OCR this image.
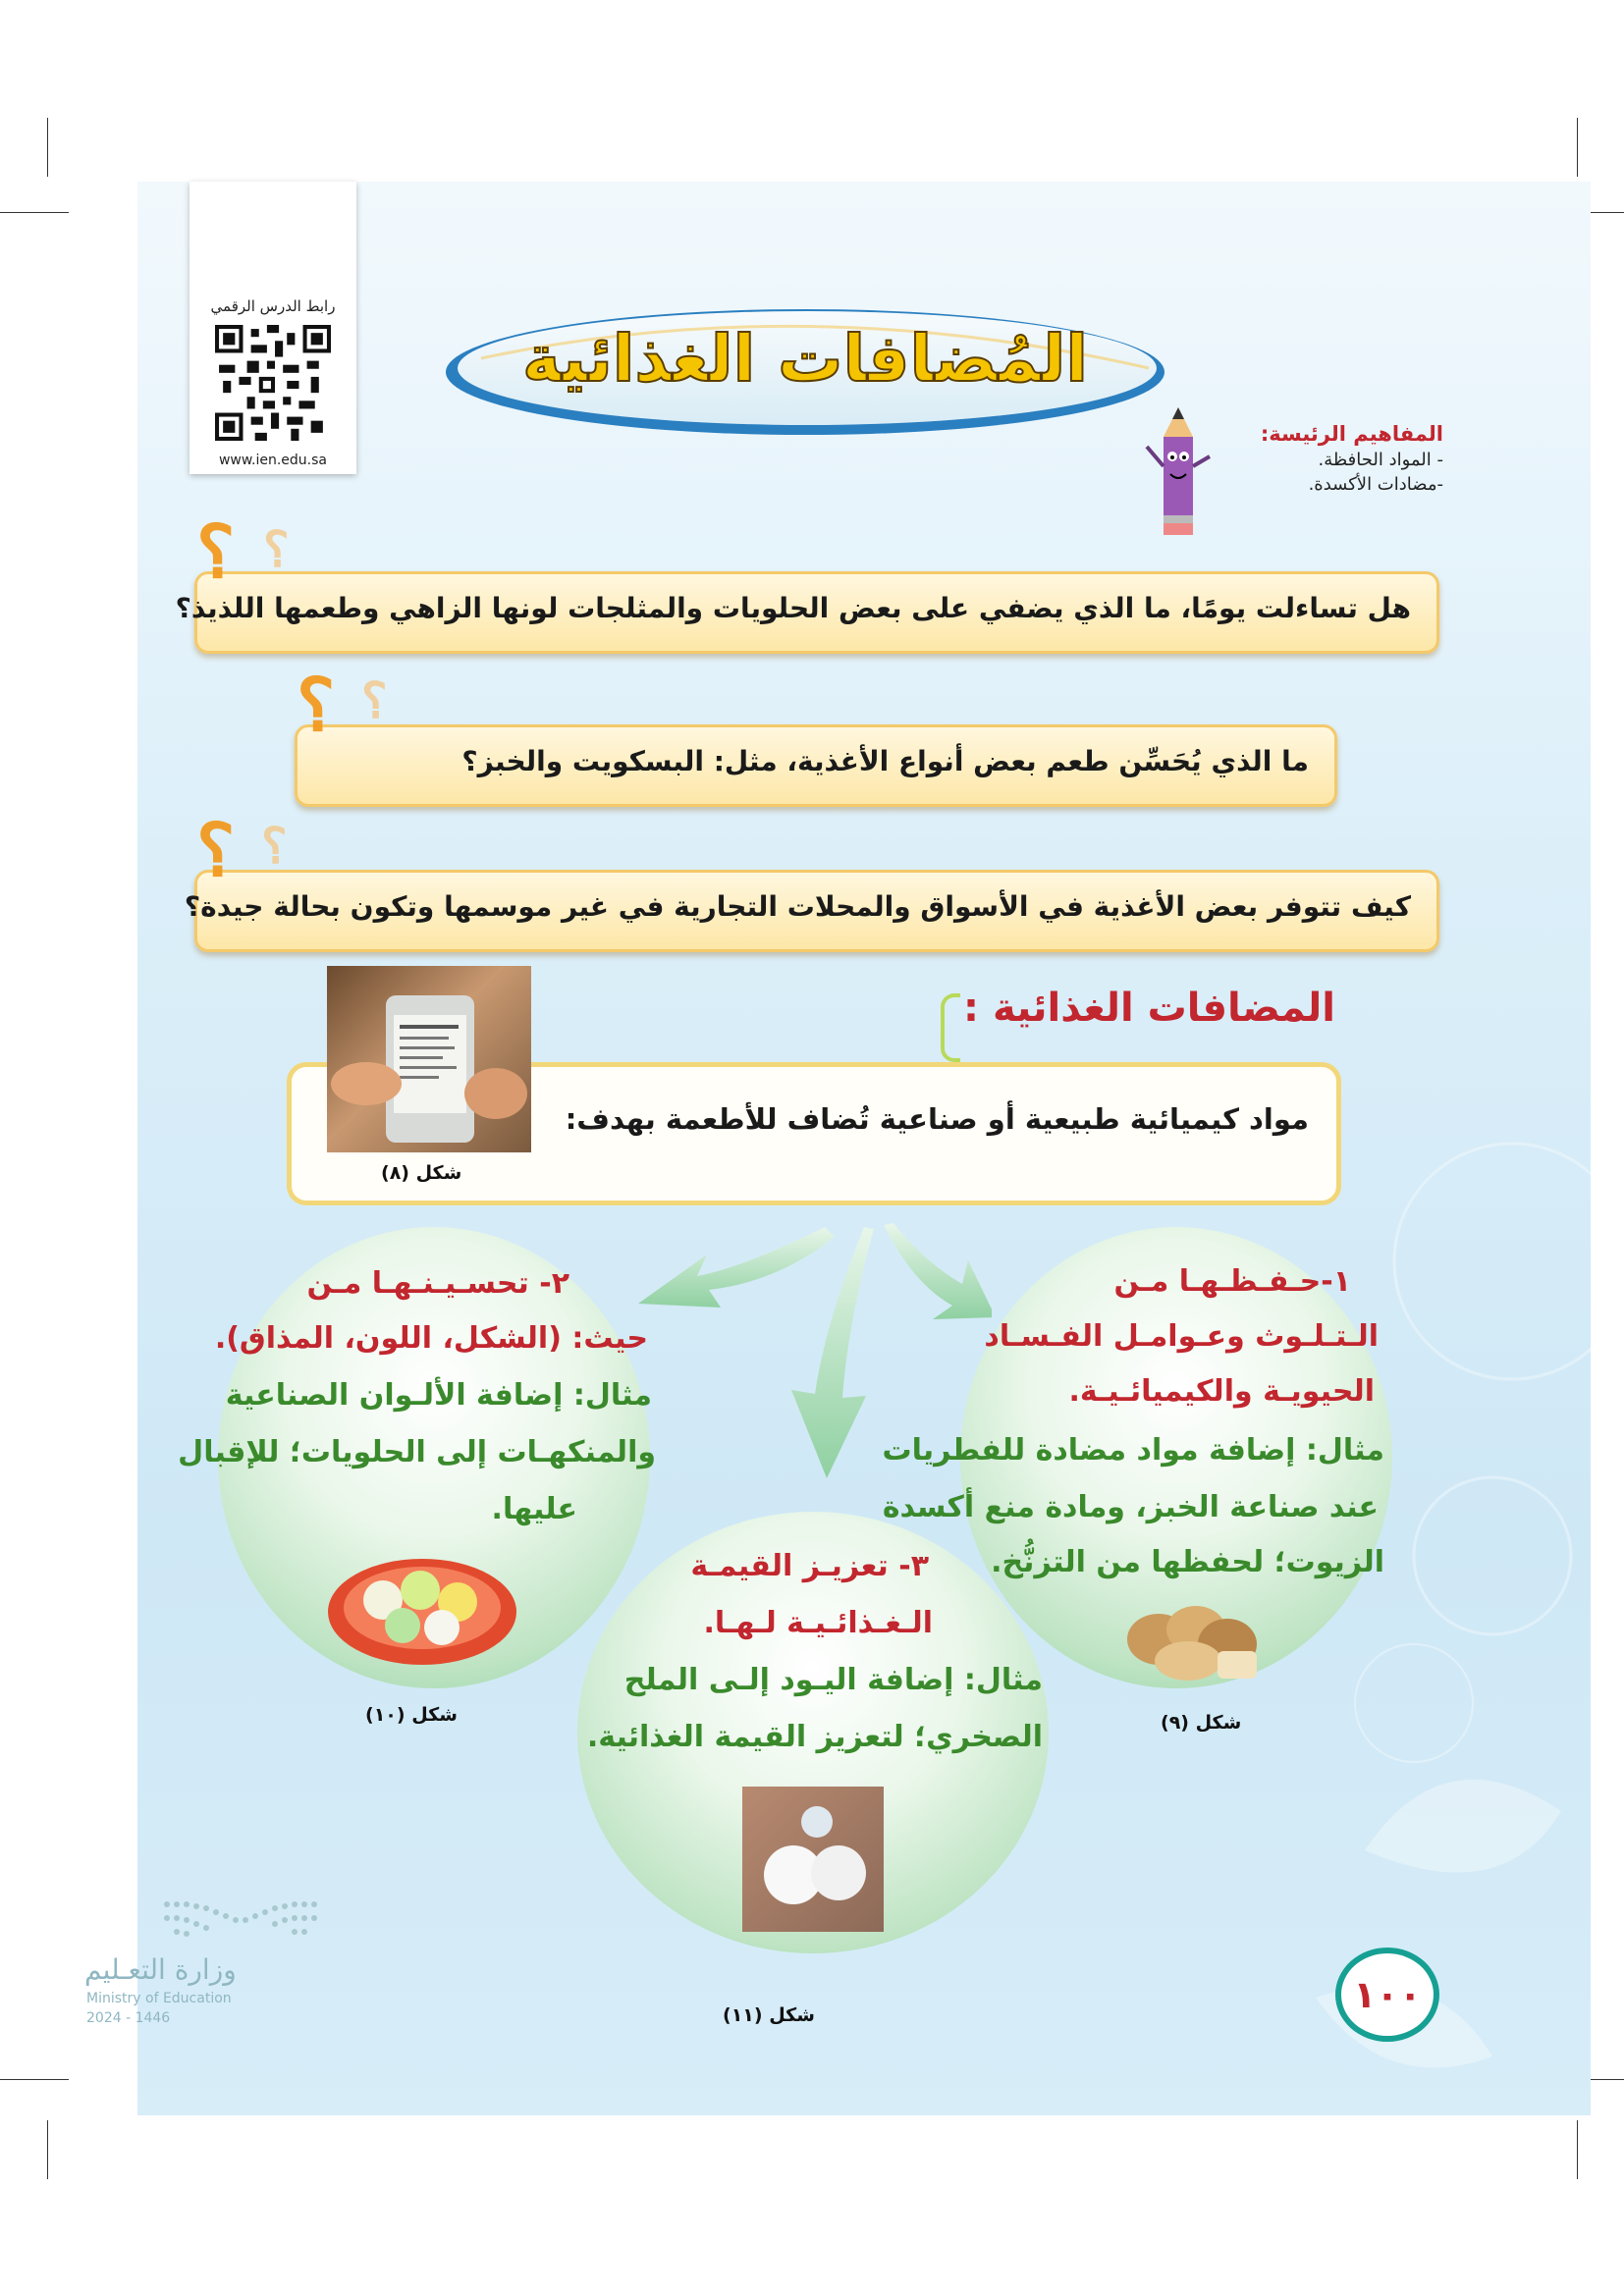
رابط الدرس الرقمي
www.ien.edu.sa
المُضافات الغذائية
المفاهيم الرئيسة:
- المواد الحافظة.
-مضادات الأكسدة.
هل تساءلت يومًا، ما الذي يضفي على بعض الحلويات والمثلجات لونها الزاهي وطعمها اللذيذ؟
؟ ؟
ما الذي يُحَسِّن طعم بعض أنواع الأغذية، مثل: البسكويت والخبز؟
؟ ؟
كيف تتوفر بعض الأغذية في الأسواق والمحلات التجارية في غير موسمها وتكون بحالة جيدة؟
؟ ؟
المضافات الغذائية :
مواد كيميائية طبيعية أو صناعية تُضاف للأطعمة بهدف:
شكل (٨)
١-حـفـظـهـا مـن
الـتـلـوث وعـوامـل الفـسـاد
الحيويـة والكيميائـيـة.
مثال: إضافة مواد مضادة للفطريات
عند صناعة الخبز، ومادة منع أكسدة
الزيوت؛ لحفظها من التزنُّخ.
شكل (٩)
٢- تحسـيـنـهـا مـن
حيث: (الشكل، اللون، المذاق).
مثال: إضافة الألـوان الصناعية
والمنكهـات إلى الحلويات؛ للإقبال
عليها.
شكل (١٠)
٣- تعزيـز القيمـة
الـغـذائـيـة لـهـا.
مثال: إضافة اليـود إلـى الملح
الصخري؛ لتعزيز القيمة الغذائية.
شكل (١١)	١٠٠
وزارة التعـليم
Ministry of Education
2024 - 1446
